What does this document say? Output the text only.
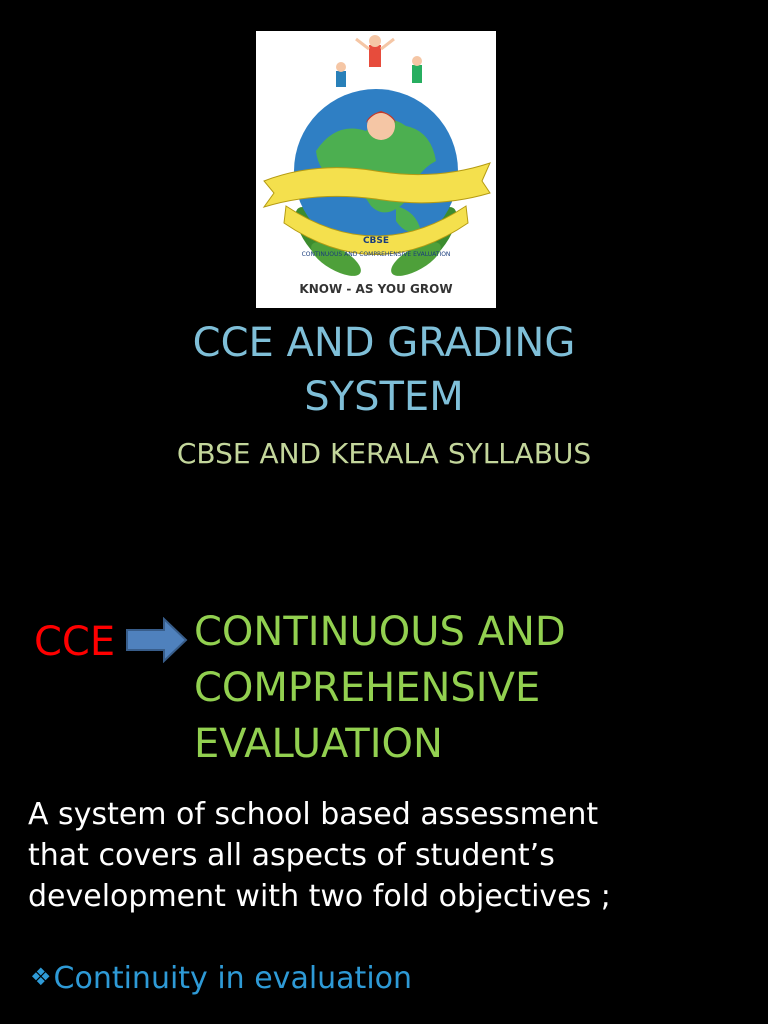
CBSE
CONTINUOUS AND COMPREHENSIVE EVALUATION
KNOW - AS YOU GROW
CCE AND GRADING
SYSTEM
CBSE AND KERALA SYLLABUS
CCE CONTINUOUS AND
COMPREHENSIVE
EVALUATION
A system of school based assessment
that covers all aspects of student’s
development with two fold objectives ;
❖Continuity in evaluation
